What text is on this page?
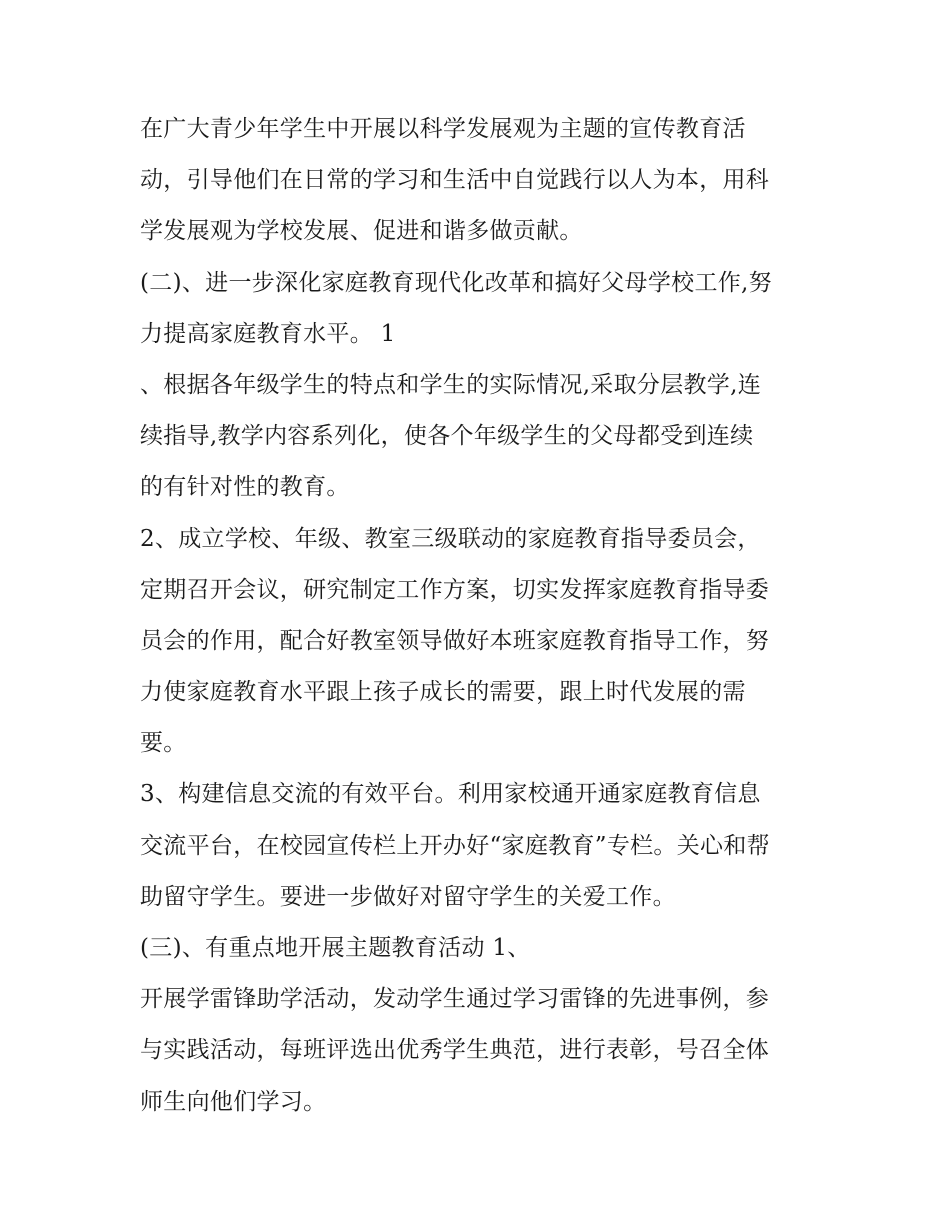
在广大青少年学生中开展以科学发展观为主题的宣传教育活
动，引导他们在日常的学习和生活中自觉践行以人为本，用科
学发展观为学校发展、促进和谐多做贡献。
(二)、进一步深化家庭教育现代化改革和搞好父母学校工作,努
力提高家庭教育水平。 1
、根据各年级学生的特点和学生的实际情况,采取分层教学,连
续指导,教学内容系列化，使各个年级学生的父母都受到连续
的有针对性的教育。
2、成立学校、年级、教室三级联动的家庭教育指导委员会，
定期召开会议，研究制定工作方案，切实发挥家庭教育指导委
员会的作用，配合好教室领导做好本班家庭教育指导工作，努
力使家庭教育水平跟上孩子成长的需要，跟上时代发展的需
要。
3、构建信息交流的有效平台。利用家校通开通家庭教育信息
交流平台，在校园宣传栏上开办好“家庭教育”专栏。关心和帮
助留守学生。要进一步做好对留守学生的关爱工作。
(三)、有重点地开展主题教育活动 1、
开展学雷锋助学活动，发动学生通过学习雷锋的先进事例，参
与实践活动，每班评选出优秀学生典范，进行表彰，号召全体
师生向他们学习。
